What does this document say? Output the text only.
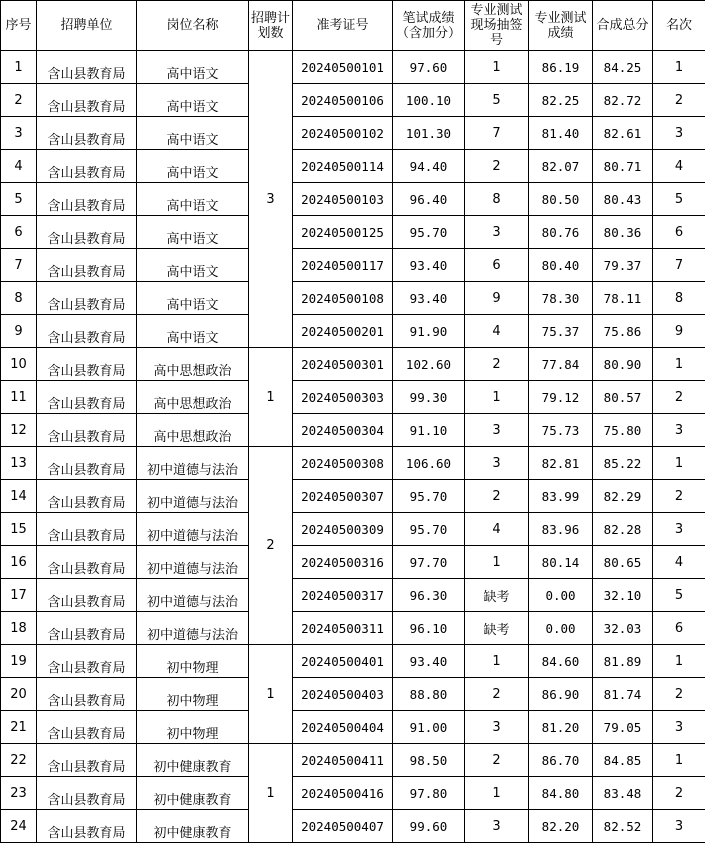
序号	招聘单位	岗位名称	招聘计划数	准考证号	笔试成绩（含加分）	专业测试现场抽签号	专业测试成绩	合成总分	名次
1	含山县教育局	高中语文	3	20240500101	97.60	1	86.19	84.25	1
2	含山县教育局	高中语文		20240500106	100.10	5	82.25	82.72	2
3	含山县教育局	高中语文		20240500102	101.30	7	81.40	82.61	3
4	含山县教育局	高中语文		20240500114	94.40	2	82.07	80.71	4
5	含山县教育局	高中语文		20240500103	96.40	8	80.50	80.43	5
6	含山县教育局	高中语文		20240500125	95.70	3	80.76	80.36	6
7	含山县教育局	高中语文		20240500117	93.40	6	80.40	79.37	7
8	含山县教育局	高中语文		20240500108	93.40	9	78.30	78.11	8
9	含山县教育局	高中语文		20240500201	91.90	4	75.37	75.86	9
10	含山县教育局	高中思想政治	1	20240500301	102.60	2	77.84	80.90	1
11	含山县教育局	高中思想政治		20240500303	99.30	1	79.12	80.57	2
12	含山县教育局	高中思想政治		20240500304	91.10	3	75.73	75.80	3
13	含山县教育局	初中道德与法治	2	20240500308	106.60	3	82.81	85.22	1
14	含山县教育局	初中道德与法治		20240500307	95.70	2	83.99	82.29	2
15	含山县教育局	初中道德与法治		20240500309	95.70	4	83.96	82.28	3
16	含山县教育局	初中道德与法治		20240500316	97.70	1	80.14	80.65	4
17	含山县教育局	初中道德与法治		20240500317	96.30	缺考	0.00	32.10	5
18	含山县教育局	初中道德与法治		20240500311	96.10	缺考	0.00	32.03	6
19	含山县教育局	初中物理	1	20240500401	93.40	1	84.60	81.89	1
20	含山县教育局	初中物理		20240500403	88.80	2	86.90	81.74	2
21	含山县教育局	初中物理		20240500404	91.00	3	81.20	79.05	3
22	含山县教育局	初中健康教育	1	20240500411	98.50	2	86.70	84.85	1
23	含山县教育局	初中健康教育		20240500416	97.80	1	84.80	83.48	2
24	含山县教育局	初中健康教育		20240500407	99.60	3	82.20	82.52	3
